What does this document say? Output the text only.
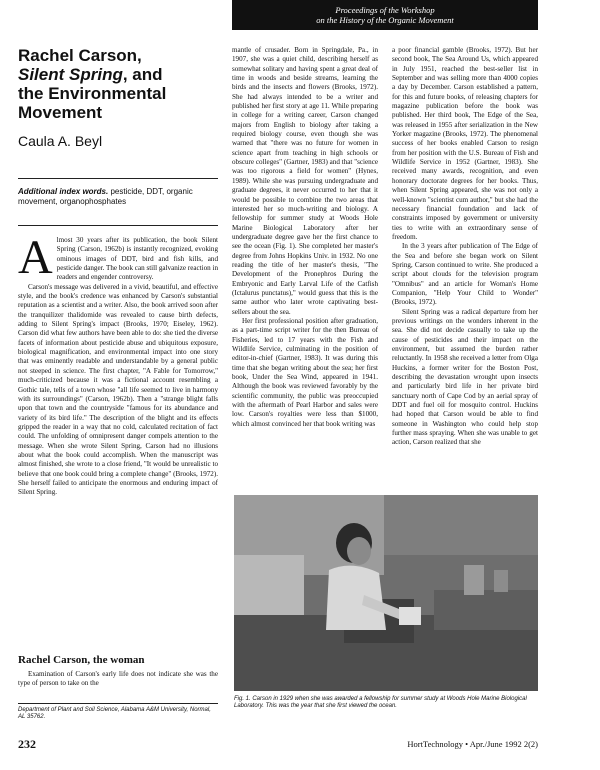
Proceedings of the Workshop
on the History of the Organic Movement
Rachel Carson,
Silent Spring, and
the Environmental
Movement
Caula A. Beyl
Additional index words. pesticide, DDT, organic movement, organophosphates
A lmost 30 years after its publication, the book Silent Spring (Carson, 1962b) is instantly recognized, evoking ominous images of DDT, bird and fish kills, and pesticide danger. The book can still galvanize reaction in readers and engender controversy.

Carson's message was delivered in a vivid, beautiful, and effective style, and the book's credence was enhanced by Carson's substantial reputation as a scientist and a writer. Also, the book arrived soon after the tranquilizer thalidomide was revealed to cause birth defects, adding to Silent Spring's impact (Brooks, 1970; Eiseley, 1962). Carson did what few authors have been able to do: she tied the diverse facets of information about pesticide abuse and ubiquitous exposure, biological magnification, and environmental impact into one story that was eminently readable and understandable by a general public not steeped in science. The first chapter, "A Fable for Tomorrow," much-criticized because it was a fictional account resembling a Gothic tale, tells of a town whose "all life seemed to live in harmony with its surroundings" (Carson, 1962b). Then a "strange blight falls upon that town and the countryside "famous for its abundance and variety of its bird life." The description of the blight and its effects gripped the reader in a way that no cold, calculated recitation of fact could. The unfolding of omnipresent danger compels attention to the message. When she wrote Silent Spring, Carson had no illusions about what the book could accomplish. When the manuscript was almost finished, she wrote to a close friend, "It would be unrealistic to believe that one book could bring a complete change" (Brooks, 1972). She herself failed to anticipate the enormous and enduring impact of Silent Spring.

Rachel Carson, the woman

Examination of Carson's early life does not indicate she was the type of person to take on the

Department of Plant and Soil Science, Alabama A&M University, Normal, AL 35762.

mantle of crusader. Born in Springdale, Pa., in 1907, she was a quiet child, describing herself as somewhat solitary and having spent a great deal of time in woods and beside streams, learning the birds and the insects and flowers (Brooks, 1972). She had always intended to be a writer and published her first story at age 11. While preparing in college for a writing career, Carson changed majors from English to biology after taking a required biology course, even though she was warned that "there was no future for women in science apart from teaching in high schools or obscure colleges" (Gartner, 1983) and that "science was too rigorous a field for women" (Hynes, 1989). While she was pursuing undergraduate and graduate degrees, it never occurred to her that it would be possible to combine the two areas that interested her so much-writing and biology. A fellowship for summer study at Woods Hole Marine Biological Laboratory after her undergraduate degree gave her the first chance to see the ocean (Fig. 1). She completed her master's degree from Johns Hopkins Univ. in 1932. No one reading the title of her master's thesis, "The Development of the Pronephros During the Embryonic and Early Larval Life of the Catfish (Ictalurus punctatus)," would guess that this is the same author who later wrote captivating best-sellers about the sea.

Her first professional position after graduation, as a part-time script writer for the then Bureau of Fisheries, led to 17 years with the Fish and Wildlife Service, culminating in the position of editor-in-chief (Gartner, 1983). It was during this time that she began writing about the sea; her first book, Under the Sea Wind, appeared in 1941. Although the book was reviewed favorably by the scientific community, the public was preoccupied with the aftermath of Pearl Harbor and sales were low. Carson's royalties were less than $1000, which almost convinced her that book writing was

a poor financial gamble (Brooks, 1972). But her second book, The Sea Around Us, which appeared in July 1951, reached the best-seller list in September and was selling more than 4000 copies a day by December. Carson established a pattern, for this and future books, of releasing chapters for magazine publication before the book was published. Her third book, The Edge of the Sea, was released in 1955 after serialization in the New Yorker magazine (Brooks, 1972). The phenomenal success of her books enabled Carson to resign from her position with the U.S. Bureau of Fish and Wildlife Service in 1952 (Gartner, 1983). She received many awards, recognition, and even honorary doctorate degrees for her books. Thus, when Silent Spring appeared, she was not only a well-known "scientist cum author," but she had the necessary financial foundation and lack of constraints imposed by government or university ties to write with an extraordinary sense of freedom.

In the 3 years after publication of The Edge of the Sea and before she began work on Silent Spring, Carson continued to write. She produced a script about clouds for the television program "Omnibus" and an article for Woman's Home Companion, "Help Your Child to Wonder" (Brooks, 1972).

Silent Spring was a radical departure from her previous writings on the wonders inherent in the sea. She did not decide casually to take up the cause of pesticides and their impact on the environment, but assumed the burden rather reluctantly. In 1958 she received a letter from Olga Huckins, a former writer for the Boston Post, describing the devastation wrought upon insects and particularly bird life in her private bird sanctuary north of Cape Cod by an aerial spray of DDT and fuel oil for mosquito control. Huckins had hoped that Carson would be able to find someone in Washington who could help stop further mass spraying. When she was unable to get action, Carson realized that she

Fig. 1. Carson in 1929 when she was awarded a fellowship for summer study at Woods Hole Marine Biological Laboratory. This was the year that she first viewed the ocean.
232	HortTechnology • Apr./June 1992 2(2)
